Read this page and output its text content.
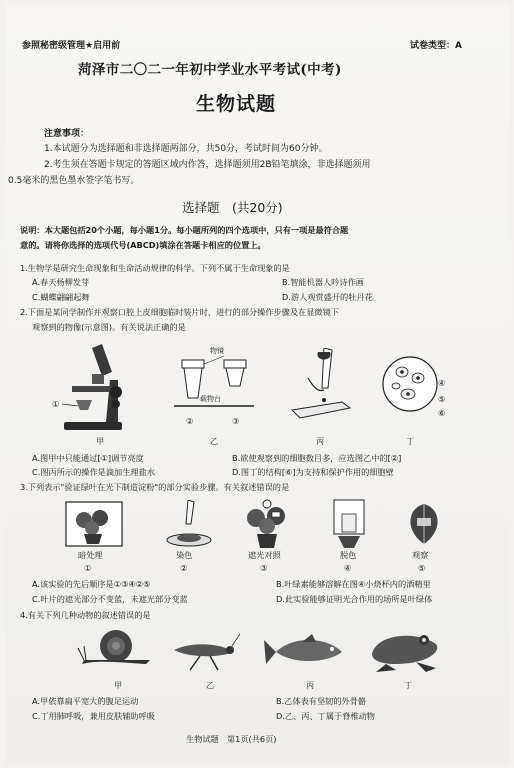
参照秘密级管理★启用前	试卷类型：A
菏泽市二〇二一年初中学业水平考试(中考)
生物试题
注意事项：
1.本试题分为选择题和非选择题两部分，共50分，考试时间为60分钟。
2.考生须在答题卡规定的答题区域内作答，选择题须用2B铅笔填涂，非选择题须用
0.5毫米的黑色墨水签字笔书写。
选择题　(共20分)
说明：本大题包括20个小题，每小题1分。每小题所列的四个选项中，只有一项是最符合题
意的。请将你选择的选项代号(ABCD)填涂在答题卡相应的位置上。
1.生物学是研究生命现象和生命活动规律的科学。下列不属于生命现象的是
A.春天杨柳发芽	B.智能机器人吟诗作画
C.蝴蝶翩翩起舞	D.游人观赏盛开的牡丹花
2.下面是某同学制作并观察口腔上皮细胞临时装片时，进行的部分操作步骤及在显微镜下
观察到的物像(示意图)。有关说法正确的是
①
甲
物镜
载物台
②	③
乙	丙
④
⑤
⑥
丁
A.图甲中只能通过[①]调节亮度	B.欲使观察到的细胞数目多，应选图乙中的[②]
C.图丙所示的操作是滴加生理盐水	D.图丁的结构[⑥]为支持和保护作用的细胞壁
3.下列表示"验证绿叶在光下制造淀粉"的部分实验步骤。有关叙述错误的是
暗处理
①
染色
②
遮光对照
③
脱色
④
观察
⑤
A.该实验的先后顺序是①③④②⑤	B.叶绿素能够溶解在图④小烧杯内的酒精里
C.叶片的遮光部分不变蓝，未遮光部分变蓝	D.此实验能够证明光合作用的场所是叶绿体
4.有关下列几种动物的叙述错误的是
甲	乙	丙	丁
A.甲依靠扁平宽大的腹足运动	B.乙体表有坚韧的外骨骼
C.丁用肺呼吸，兼用皮肤辅助呼吸	D.乙、丙、丁属于脊椎动物
生物试题　第1页(共6页)
